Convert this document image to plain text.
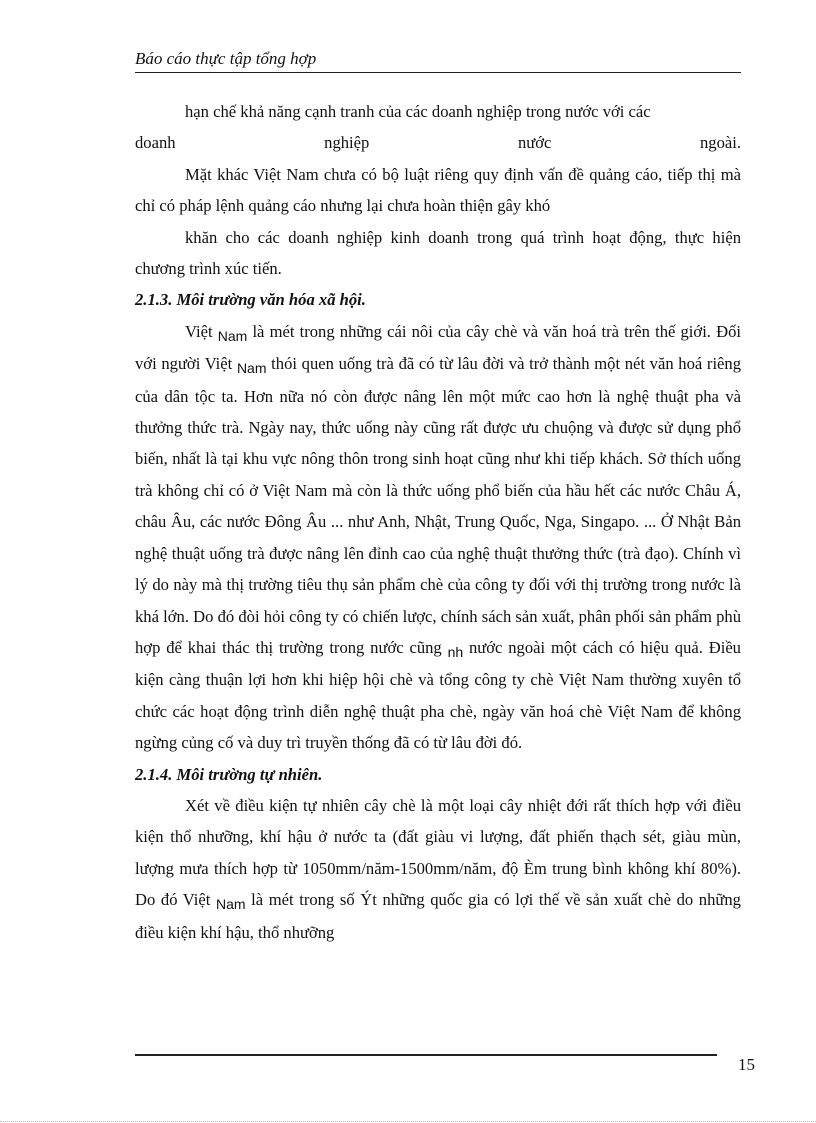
Báo cáo thực tập tổng hợp

hạn chế khả năng cạnh tranh của các doanh nghiệp trong nước với các

doanh nghiệp nước ngoài.

Mặt khác Việt Nam chưa có bộ luật riêng quy định vấn đề quảng cáo, tiếp thị mà chỉ có pháp lệnh quảng cáo nhưng lại chưa hoàn thiện gây khó

khăn cho các doanh nghiệp kinh doanh trong quá trình hoạt động, thực hiện chương trình xúc tiến.

2.1.3. Môi trường văn hóa xã hội.

Việt $_{Nam}$ là mét trong những cái nôi của cây chè và văn hoá trà trên thế giới. Đối với người Việt $_{Nam}$ thói quen uống trà đã có từ lâu đời và trở thành một nét văn hoá riêng của dân tộc ta. Hơn nữa nó còn được nâng lên một mức cao hơn là nghệ thuật pha và thưởng thức trà. Ngày nay, thức uống này cũng rất được ưu chuộng và được sử dụng phổ biến, nhất là tại khu vực nông thôn trong sinh hoạt cũng như khi tiếp khách. Sở thích uống trà không chỉ có ở Việt Nam mà còn là thức uống phổ biến của hầu hết các nước Châu Á, châu Âu, các nước Đông Âu ... như Anh, Nhật, Trung Quốc, Nga, Singapo. ... Ở Nhật Bản nghệ thuật uống trà được nâng lên đỉnh cao của nghệ thuật thưởng thức (trà đạo). Chính vì lý do này mà thị trường tiêu thụ sản phẩm chè của công ty đối với thị trường trong nước là khá lớn. Do đó đòi hỏi công ty có chiến lược, chính sách sản xuất, phân phối sản phẩm phù hợp để khai thác thị trường trong nước cũng $_{nh}$ nước ngoài một cách có hiệu quả. Điều kiện càng thuận lợi hơn khi hiệp hội chè và tổng công ty chè Việt Nam thường xuyên tổ chức các hoạt động trình diễn nghệ thuật pha chè, ngày văn hoá chè Việt Nam để không ngừng củng cố và duy trì truyền thống đã có từ lâu đời đó.

2.1.4. Môi trường tự nhiên.

Xét về điều kiện tự nhiên cây chè là một loại cây nhiệt đới rất thích hợp với điều kiện thổ nhưỡng, khí hậu ở nước ta (đất giàu vi lượng, đất phiến thạch sét, giàu mùn, lượng mưa thích hợp từ 1050mm/năm-1500mm/năm, độ Èm trung bình không khí 80%). Do đó Việt $_{Nam}$ là mét trong số Ýt những quốc gia có lợi thế về sản xuất chè do những điều kiện khí hậu, thổ nhưỡng

15
